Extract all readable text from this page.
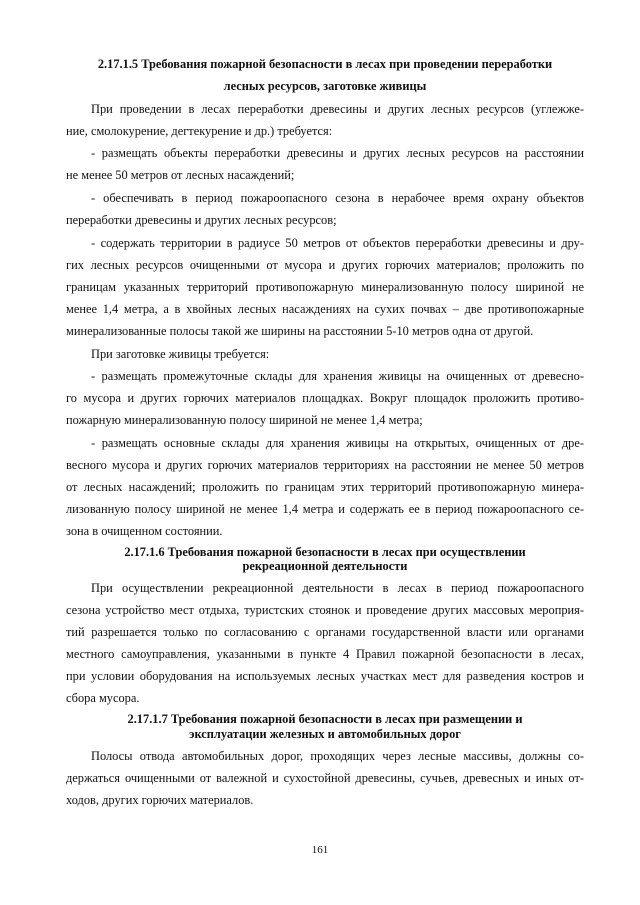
2.17.1.5 Требования пожарной безопасности в лесах при проведении переработки
лесных ресурсов, заготовке живицы
При проведении в лесах переработки древесины и других лесных ресурсов (углежже-
ние, смолокурение, дегтекурение и др.) требуется:
- размещать объекты переработки древесины и других лесных ресурсов на расстоянии
не менее 50 метров от лесных насаждений;
- обеспечивать в период пожароопасного сезона в нерабочее время охрану объектов
переработки древесины и других лесных ресурсов;
- содержать территории в радиусе 50 метров от объектов переработки древесины и дру-
гих лесных ресурсов очищенными от мусора и других горючих материалов; проложить по
границам указанных территорий противопожарную минерализованную полосу шириной не
менее 1,4 метра, а в хвойных лесных насаждениях на сухих почвах – две противопожарные
минерализованные полосы такой же ширины на расстоянии 5-10 метров одна от другой.
При заготовке живицы требуется:
- размещать промежуточные склады для хранения живицы на очищенных от древесно-
го мусора и других горючих материалов площадках. Вокруг площадок проложить противо-
пожарную минерализованную полосу шириной не менее 1,4 метра;
- размещать основные склады для хранения живицы на открытых, очищенных от дре-
весного мусора и других горючих материалов территориях на расстоянии не менее 50 метров
от лесных насаждений; проложить по границам этих территорий противопожарную минера-
лизованную полосу шириной не менее 1,4 метра и содержать ее в период пожароопасного се-
зона в очищенном состоянии.
2.17.1.6 Требования пожарной безопасности в лесах при осуществлении
рекреационной деятельности
При осуществлении рекреационной деятельности в лесах в период пожароопасного
сезона устройство мест отдыха, туристских стоянок и проведение других массовых мероприя-
тий разрешается только по согласованию с органами государственной власти или органами
местного самоуправления, указанными в пункте 4 Правил пожарной безопасности в лесах,
при условии оборудования на используемых лесных участках мест для разведения костров и
сбора мусора.
2.17.1.7 Требования пожарной безопасности в лесах при размещении и
эксплуатации железных и автомобильных дорог
Полосы отвода автомобильных дорог, проходящих через лесные массивы, должны со-
держаться очищенными от валежной и сухостойной древесины, сучьев, древесных и иных от-
ходов, других горючих материалов.
161
